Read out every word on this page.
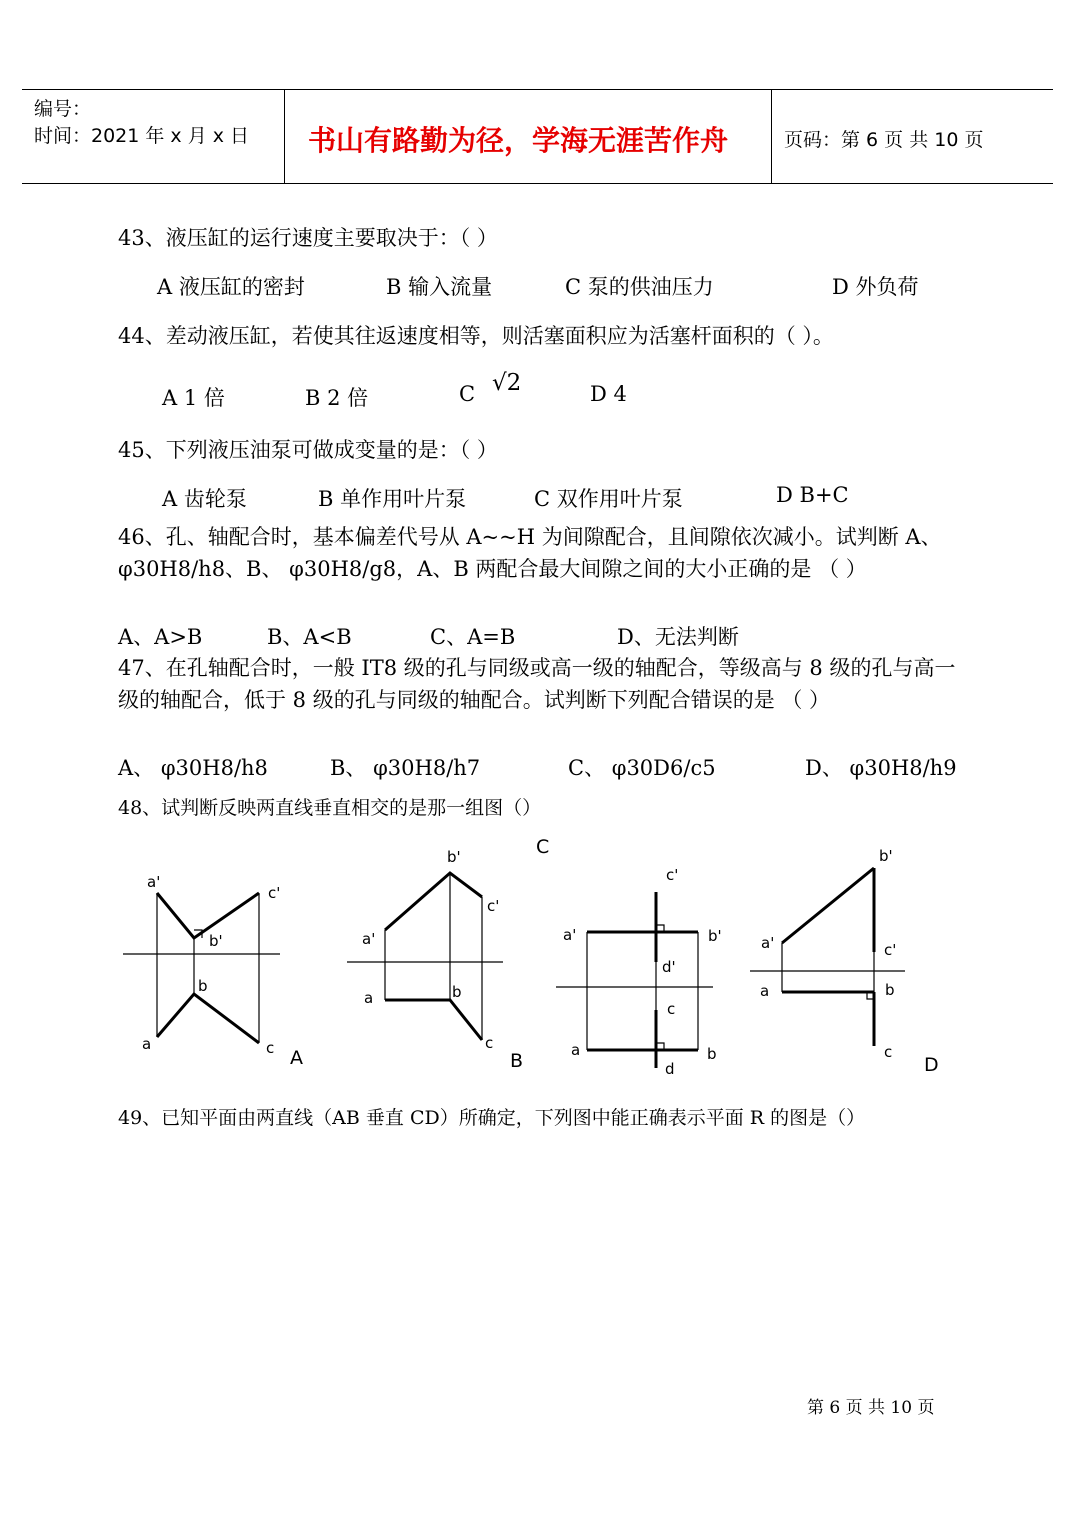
编号：
时间：2021 年 x 月 x 日 书山有路勤为径，学海无涯苦作舟	页码：第 6 页 共 10 页
43、液压缸的运行速度主要取决于：（ ）
A 液压缸的密封	B 输入流量	C 泵的供油压力	D 外负荷
44、差动液压缸，若使其往返速度相等，则活塞面积应为活塞杆面积的（ ）。
A 1 倍	B 2 倍	C √2	D 4
45、下列液压油泵可做成变量的是：（ ）
A 齿轮泵	B 单作用叶片泵	C 双作用叶片泵	D B+C
46、孔、轴配合时，基本偏差代号从 A~~H 为间隙配合，且间隙依次减小。试判断 A、 φ30H8/h8、B、 φ30H8/g8，A、B 两配合最大间隙之间的大小正确的是 （ ）
A、A>B	B、A<B	C、A=B	D、无法判断
47、在孔轴配合时，一般 IT8 级的孔与同级或高一级的轴配合，等级高与 8 级的孔与高一级的轴配合，低于 8 级的孔与同级的轴配合。试判断下列配合错误的是 （ ）
A、 φ30H8/h8	B、 φ30H8/h7	C、 φ30D6/c5	D、 φ30H8/h9
48、试判断反映两直线垂直相交的是那一组图（）
a'
c'
b'
b
a	c
b'
c'
a'
a	b
c
c'
a'	b'
d'
c
a	b
d
b'
a'	c'
a	b
c
A	B
C
D
49、已知平面由两直线（AB 垂直 CD）所确定，下列图中能正确表示平面 R 的图是（）
第 6 页 共 10 页
